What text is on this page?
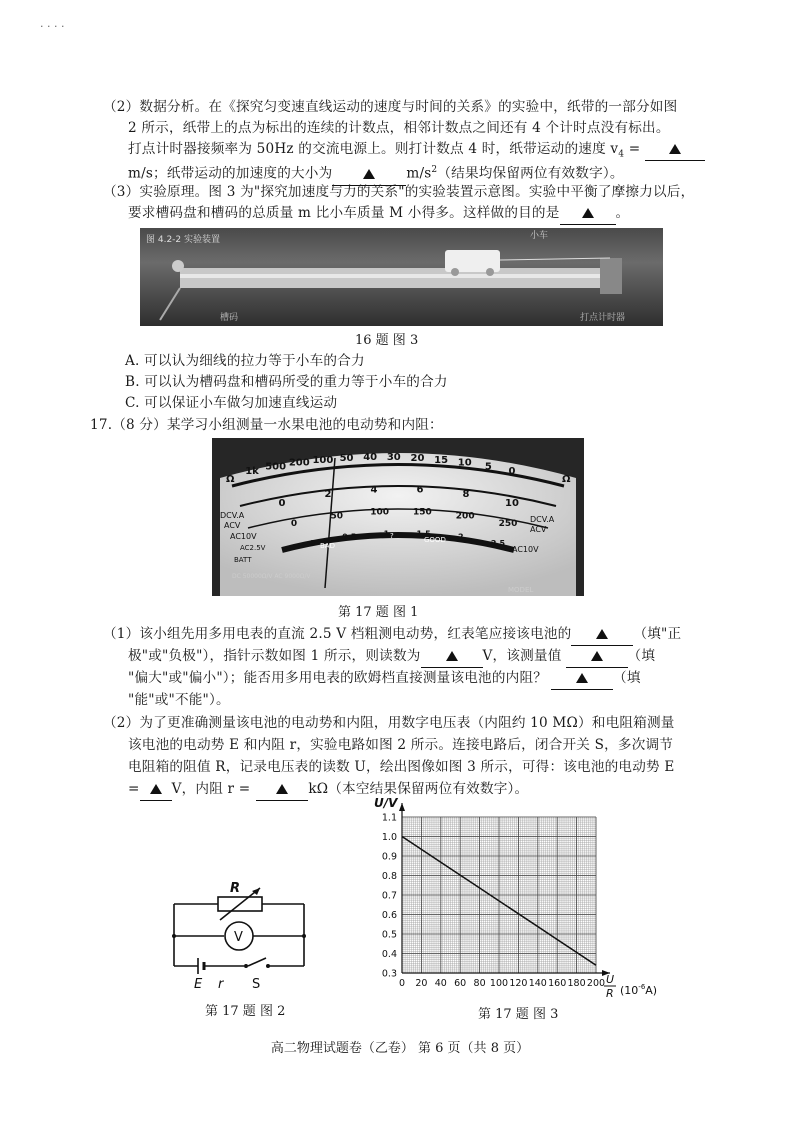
· · · ·
（2）数据分析。在《探究匀变速直线运动的速度与时间的关系》的实验中，纸带的一部分如图
2 所示，纸带上的点为标出的连续的计数点，相邻计数点之间还有 4 个计时点没有标出。
打点计时器接频率为 50Hz 的交流电源上。则打计数点 4 时，纸带运动的速度 $v_4$ =
m/s；纸带运动的加速度的大小为	$m/s^2$（结果均保留两位有效数字）。
（3）实验原理。图 3 为"探究加速度与力的关系"的实验装置示意图。实验中平衡了摩擦力以后，
要求槽码盘和槽码的总质量 m 比小车质量 M 小得多。这样做的目的是	。
图 4.2-2 实验装置
槽码	打点计时器
小车
16 题 图 3
A. 可以认为细线的拉力等于小车的合力
B. 可以认为槽码盘和槽码所受的重力等于小车的合力
C. 可以保证小车做匀加速直线运动
17.（8 分）某学习小组测量一水果电池的电动势和内阻：
1k 500 200 100 50 40 30 20 15 10 5 0
0
2	4	6	8
10
0
50	100	150	200
250
0
0.5	1	1.5	2
2.5
Ω
DCV.A
ACV
AC10V
AC2.5V
BATT
BAD
?	GOOD
MODEL
Ω
DCV.A
ACV
AC10V
DC 50000Ω/V AC 9000Ω/V
第 17 题 图 1
（1）该小组先用多用电表的直流 2.5 V 档粗测电动势，红表笔应接该电池的	（填"正
极"或"负极"），指针示数如图 1 所示，则读数为	V，该测量值	（填
"偏大"或"偏小"）；能否用多用电表的欧姆档直接测量该电池的内阻？	（填
"能"或"不能"）。
（2）为了更准确测量该电池的电动势和内阻，用数字电压表（内阻约 10 MΩ）和电阻箱测量
该电池的电动势 E 和内阻 r，实验电路如图 2 所示。连接电路后，闭合开关 S，多次调节
电阻箱的阻值 R，记录电压表的读数 U，绘出图像如图 3 所示，可得：该电池的电动势 E
= V，内阻 r =	kΩ（本空结果保留两位有效数字）。
R
V
E r S
第 17 题 图 2
0 20 40 60 80 100 120 140 160 180 200
0.3
0.4
0.5
0.6
0.7
0.8
0.9
1.0
1.1
U/V
U
R $(10^{-6}A)$
第 17 题 图 3
高二物理试题卷（乙卷） 第 6 页（共 8 页）
